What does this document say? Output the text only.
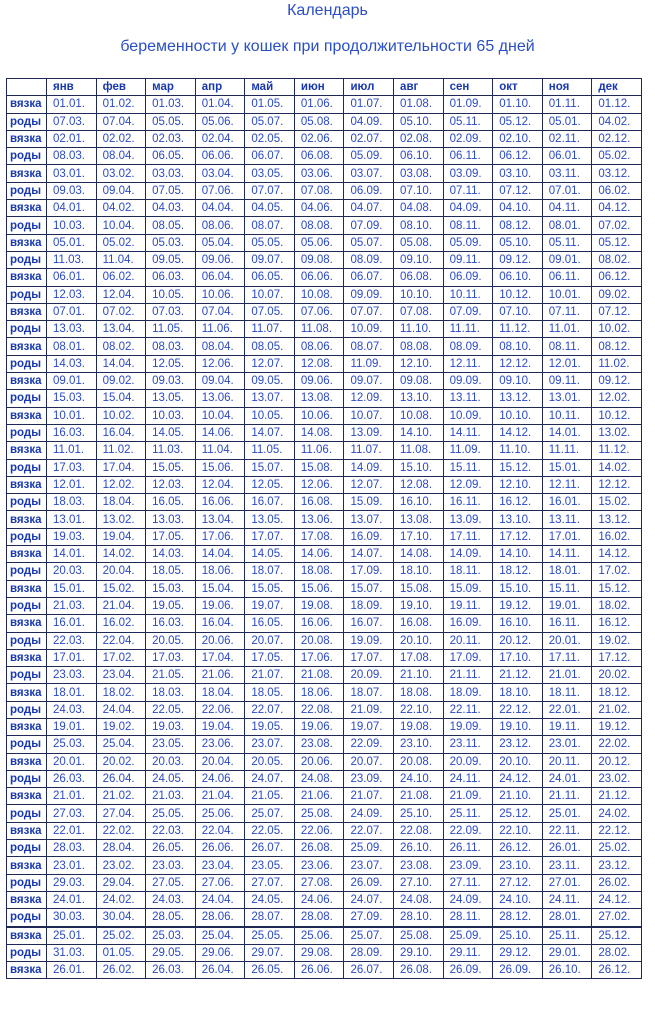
Календарь
беременности у кошек при продолжительности 65 дней
	янв	фев	мар	апр	май	июн	июл	авг	сен	окт	ноя	дек
вязка	01.01.	01.02.	01.03.	01.04.	01.05.	01.06.	01.07.	01.08.	01.09.	01.10.	01.11.	01.12.
роды	07.03.	07.04.	05.05.	05.06.	05.07.	05.08.	04.09.	05.10.	05.11.	05.12.	05.01.	04.02.
вязка	02.01.	02.02.	02.03.	02.04.	02.05.	02.06.	02.07.	02.08.	02.09.	02.10.	02.11.	02.12.
роды	08.03.	08.04.	06.05.	06.06.	06.07.	06.08.	05.09.	06.10.	06.11.	06.12.	06.01.	05.02.
вязка	03.01.	03.02.	03.03.	03.04.	03.05.	03.06.	03.07.	03.08.	03.09.	03.10.	03.11.	03.12.
роды	09.03.	09.04.	07.05.	07.06.	07.07.	07.08.	06.09.	07.10.	07.11.	07.12.	07.01.	06.02.
вязка	04.01.	04.02.	04.03.	04.04.	04.05.	04.06.	04.07.	04.08.	04.09.	04.10.	04.11.	04.12.
роды	10.03.	10.04.	08.05.	08.06.	08.07.	08.08.	07.09.	08.10.	08.11.	08.12.	08.01.	07.02.
вязка	05.01.	05.02.	05.03.	05.04.	05.05.	05.06.	05.07.	05.08.	05.09.	05.10.	05.11.	05.12.
роды	11.03.	11.04.	09.05.	09.06.	09.07.	09.08.	08.09.	09.10.	09.11.	09.12.	09.01.	08.02.
вязка	06.01.	06.02.	06.03.	06.04.	06.05.	06.06.	06.07.	06.08.	06.09.	06.10.	06.11.	06.12.
роды	12.03.	12.04.	10.05.	10.06.	10.07.	10.08.	09.09.	10.10.	10.11.	10.12.	10.01.	09.02.
вязка	07.01.	07.02.	07.03.	07.04.	07.05.	07.06.	07.07.	07.08.	07.09.	07.10.	07.11.	07.12.
роды	13.03.	13.04.	11.05.	11.06.	11.07.	11.08.	10.09.	11.10.	11.11.	11.12.	11.01.	10.02.
вязка	08.01.	08.02.	08.03.	08.04.	08.05.	08.06.	08.07.	08.08.	08.09.	08.10.	08.11.	08.12.
роды	14.03.	14.04.	12.05.	12.06.	12.07.	12.08.	11.09.	12.10.	12.11.	12.12.	12.01.	11.02.
вязка	09.01.	09.02.	09.03.	09.04.	09.05.	09.06.	09.07.	09.08.	09.09.	09.10.	09.11.	09.12.
роды	15.03.	15.04.	13.05.	13.06.	13.07.	13.08.	12.09.	13.10.	13.11.	13.12.	13.01.	12.02.
вязка	10.01.	10.02.	10.03.	10.04.	10.05.	10.06.	10.07.	10.08.	10.09.	10.10.	10.11.	10.12.
роды	16.03.	16.04.	14.05.	14.06.	14.07.	14.08.	13.09.	14.10.	14.11.	14.12.	14.01.	13.02.
вязка	11.01.	11.02.	11.03.	11.04.	11.05.	11.06.	11.07.	11.08.	11.09.	11.10.	11.11.	11.12.
роды	17.03.	17.04.	15.05.	15.06.	15.07.	15.08.	14.09.	15.10.	15.11.	15.12.	15.01.	14.02.
вязка	12.01.	12.02.	12.03.	12.04.	12.05.	12.06.	12.07.	12.08.	12.09.	12.10.	12.11.	12.12.
роды	18.03.	18.04.	16.05.	16.06.	16.07.	16.08.	15.09.	16.10.	16.11.	16.12.	16.01.	15.02.
вязка	13.01.	13.02.	13.03.	13.04.	13.05.	13.06.	13.07.	13.08.	13.09.	13.10.	13.11.	13.12.
роды	19.03.	19.04.	17.05.	17.06.	17.07.	17.08.	16.09.	17.10.	17.11.	17.12.	17.01.	16.02.
вязка	14.01.	14.02.	14.03.	14.04.	14.05.	14.06.	14.07.	14.08.	14.09.	14.10.	14.11.	14.12.
роды	20.03.	20.04.	18.05.	18.06.	18.07.	18.08.	17.09.	18.10.	18.11.	18.12.	18.01.	17.02.
вязка	15.01.	15.02.	15.03.	15.04.	15.05.	15.06.	15.07.	15.08.	15.09.	15.10.	15.11.	15.12.
роды	21.03.	21.04.	19.05.	19.06.	19.07.	19.08.	18.09.	19.10.	19.11.	19.12.	19.01.	18.02.
вязка	16.01.	16.02.	16.03.	16.04.	16.05.	16.06.	16.07.	16.08.	16.09.	16.10.	16.11.	16.12.
роды	22.03.	22.04.	20.05.	20.06.	20.07.	20.08.	19.09.	20.10.	20.11.	20.12.	20.01.	19.02.
вязка	17.01.	17.02.	17.03.	17.04.	17.05.	17.06.	17.07.	17.08.	17.09.	17.10.	17.11.	17.12.
роды	23.03.	23.04.	21.05.	21.06.	21.07.	21.08.	20.09.	21.10.	21.11.	21.12.	21.01.	20.02.
вязка	18.01.	18.02.	18.03.	18.04.	18.05.	18.06.	18.07.	18.08.	18.09.	18.10.	18.11.	18.12.
роды	24.03.	24.04.	22.05.	22.06.	22.07.	22.08.	21.09.	22.10.	22.11.	22.12.	22.01.	21.02.
вязка	19.01.	19.02.	19.03.	19.04.	19.05.	19.06.	19.07.	19.08.	19.09.	19.10.	19.11.	19.12.
роды	25.03.	25.04.	23.05.	23.06.	23.07.	23.08.	22.09.	23.10.	23.11.	23.12.	23.01.	22.02.
вязка	20.01.	20.02.	20.03.	20.04.	20.05.	20.06.	20.07.	20.08.	20.09.	20.10.	20.11.	20.12.
роды	26.03.	26.04.	24.05.	24.06.	24.07.	24.08.	23.09.	24.10.	24.11.	24.12.	24.01.	23.02.
вязка	21.01.	21.02.	21.03.	21.04.	21.05.	21.06.	21.07.	21.08.	21.09.	21.10.	21.11.	21.12.
роды	27.03.	27.04.	25.05.	25.06.	25.07.	25.08.	24.09.	25.10.	25.11.	25.12.	25.01.	24.02.
вязка	22.01.	22.02.	22.03.	22.04.	22.05.	22.06.	22.07.	22.08.	22.09.	22.10.	22.11.	22.12.
роды	28.03.	28.04.	26.05.	26.06.	26.07.	26.08.	25.09.	26.10.	26.11.	26.12.	26.01.	25.02.
вязка	23.01.	23.02.	23.03.	23.04.	23.05.	23.06.	23.07.	23.08.	23.09.	23.10.	23.11.	23.12.
роды	29.03.	29.04.	27.05.	27.06.	27.07.	27.08.	26.09.	27.10.	27.11.	27.12.	27.01.	26.02.
вязка	24.01.	24.02.	24.03.	24.04.	24.05.	24.06.	24.07.	24.08.	24.09.	24.10.	24.11.	24.12.
роды	30.03.	30.04.	28.05.	28.06.	28.07.	28.08.	27.09.	28.10.	28.11.	28.12.	28.01.	27.02.
вязка	25.01.	25.02.	25.03.	25.04.	25.05.	25.06.	25.07.	25.08.	25.09.	25.10.	25.11.	25.12.
роды	31.03.	01.05.	29.05.	29.06.	29.07.	29.08.	28.09.	29.10.	29.11.	29.12.	29.01.	28.02.
вязка	26.01.	26.02.	26.03.	26.04.	26.05.	26.06.	26.07.	26.08.	26.09.	26.09.	26.10.	26.12.
